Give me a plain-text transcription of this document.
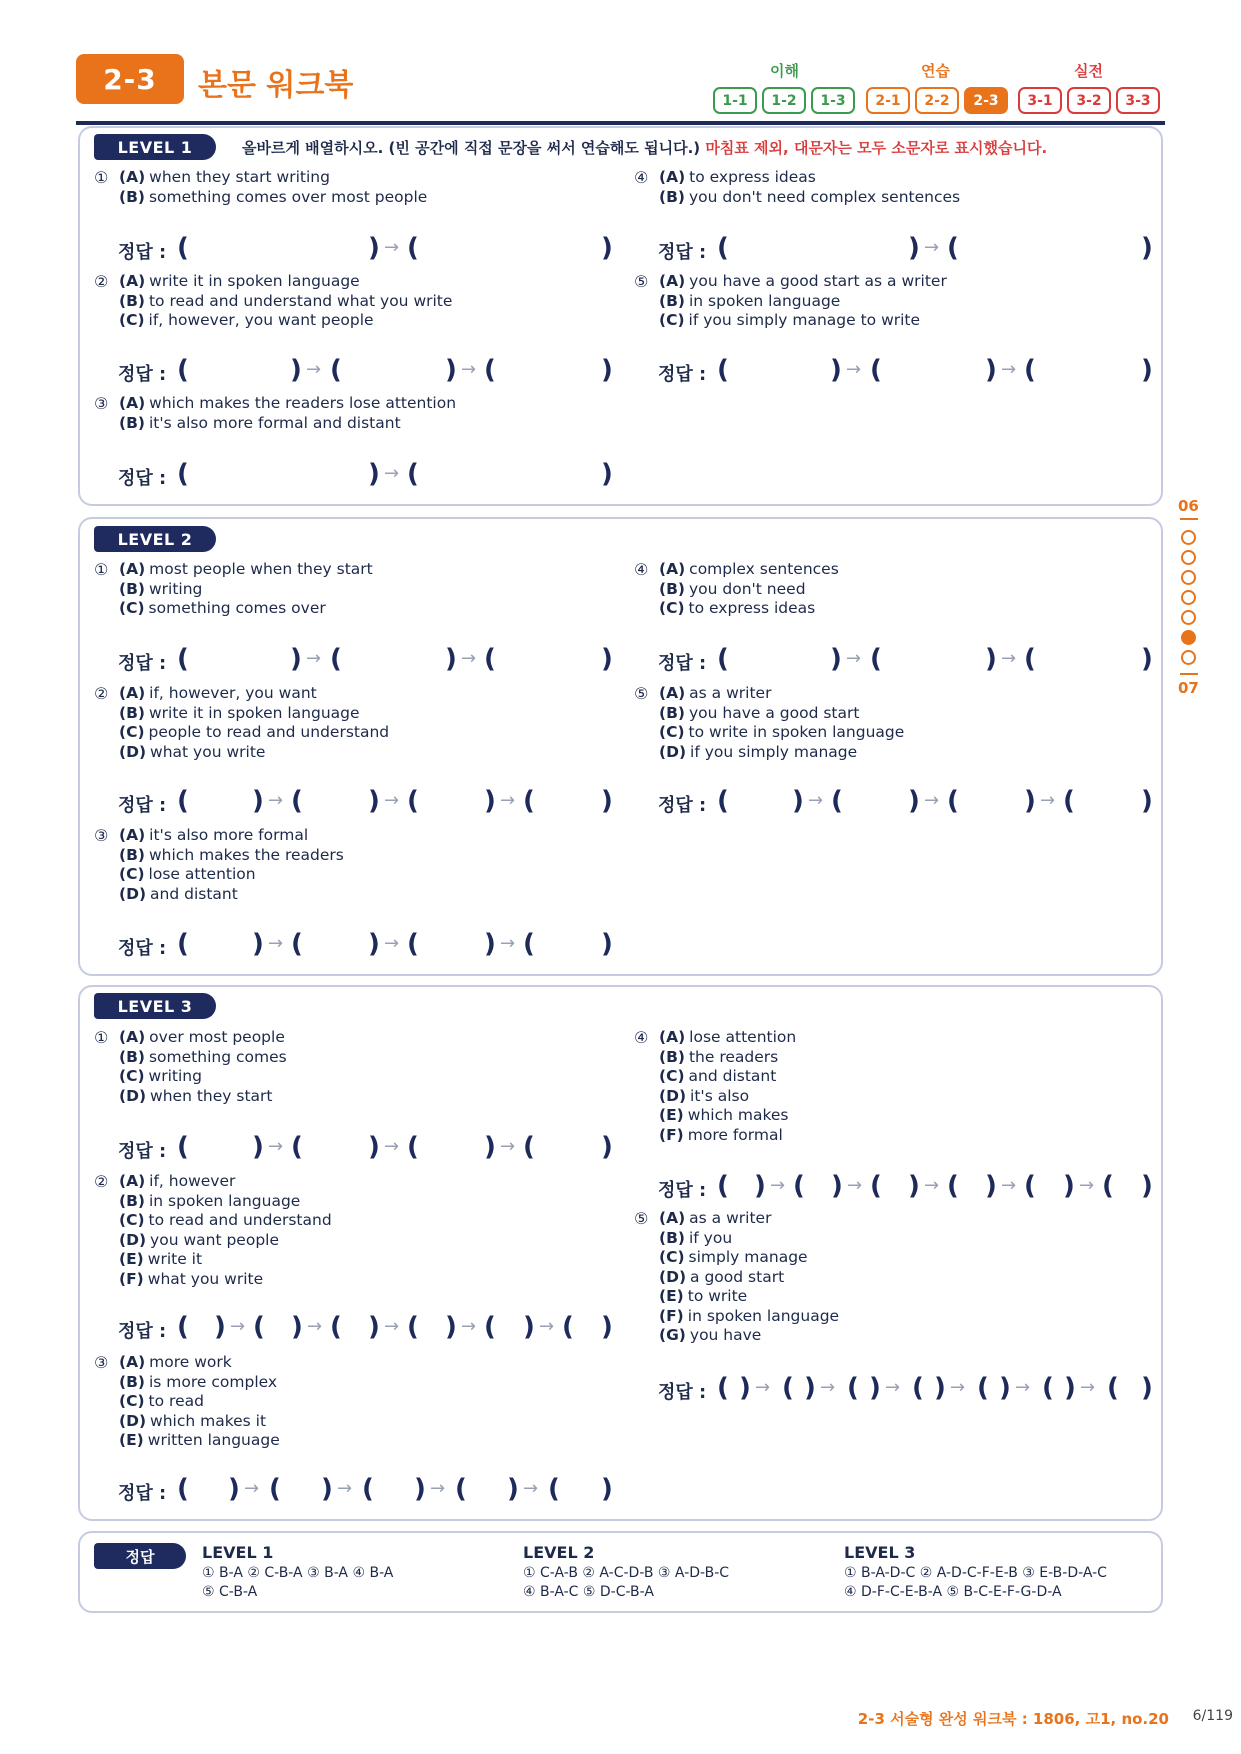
2-3	본문 워크북	이해	연습	실전
1-1	1-2	1-3	2-1	2-2	2-3	3-1	3-2	3-3
LEVEL 1	올바르게 배열하시오. (빈 공간에 직접 문장을 써서 연습해도 됩니다.) 마침표 제외, 대문자는 모두 소문자로 표시했습니다.
① (A) when they start writing
(B) something comes over most people
정답 : (	) → (	)
② (A) write it in spoken language
(B) to read and understand what you write
(C) if, however, you want people
정답 : (	) → (	) → (	)
③ (A) which makes the readers lose attention
(B) it's also more formal and distant
정답 : (	) → (	)
④ (A) to express ideas
(B) you don't need complex sentences
정답 : (	) → (	)
⑤ (A) you have a good start as a writer
(B) in spoken language
(C) if you simply manage to write
정답 : (	) → (	) → (	)
LEVEL 2
① (A) most people when they start
(B) writing
(C) something comes over
정답 : (	) → (	) → (	)
② (A) if, however, you want
(B) write it in spoken language
(C) people to read and understand
(D) what you write
정답 : ( ) → (	) → (	) → (	)
③ (A) it's also more formal
(B) which makes the readers
(C) lose attention
(D) and distant
정답 : ( ) → (	) → (	) → (	)
④ (A) complex sentences
(B) you don't need
(C) to express ideas
정답 : (	) → (	) → (	)
⑤ (A) as a writer
(B) you have a good start
(C) to write in spoken language
(D) if you simply manage
정답 : ( ) → (	) → (	) → (	)
LEVEL 3
① (A) over most people
(B) something comes
(C) writing
(D) when they start
정답 : ( ) → (	) → (	) → (	)
② (A) if, however
(B) in spoken language
(C) to read and understand
(D) you want people
(E) write it
(F) what you write
정답 : ( ) → ( ) → ( ) → ( ) → ( ) → ( )
③ (A) more work
(B) is more complex
(C) to read
(D) which makes it
(E) written language
정답 : ( ) → ( ) → ( ) → ( ) → ( )
④ (A) lose attention
(B) the readers
(C) and distant
(D) it's also
(E) which makes
(F) more formal
정답 : ( ) → ( ) → ( ) → ( ) → ( ) → ( )
⑤ (A) as a writer
(B) if you
(C) simply manage
(D) a good start
(E) to write
(F) in spoken language
(G) you have
정답 : ( ) → ( ) → ( ) → ( ) → ( ) → ( ) → ( )
정답	LEVEL 1
① B-A ② C-B-A ③ B-A ④ B-A
⑤ C-B-A
LEVEL 2
① C-A-B ② A-C-D-B ③ A-D-B-C
④ B-A-C ⑤ D-C-B-A
LEVEL 3
① B-A-D-C ② A-D-C-F-E-B ③ E-B-D-A-C
④ D-F-C-E-B-A ⑤ B-C-E-F-G-D-A
06
07
2-3 서술형 완성 워크북 : 1806, 고1, no.20 6/119
